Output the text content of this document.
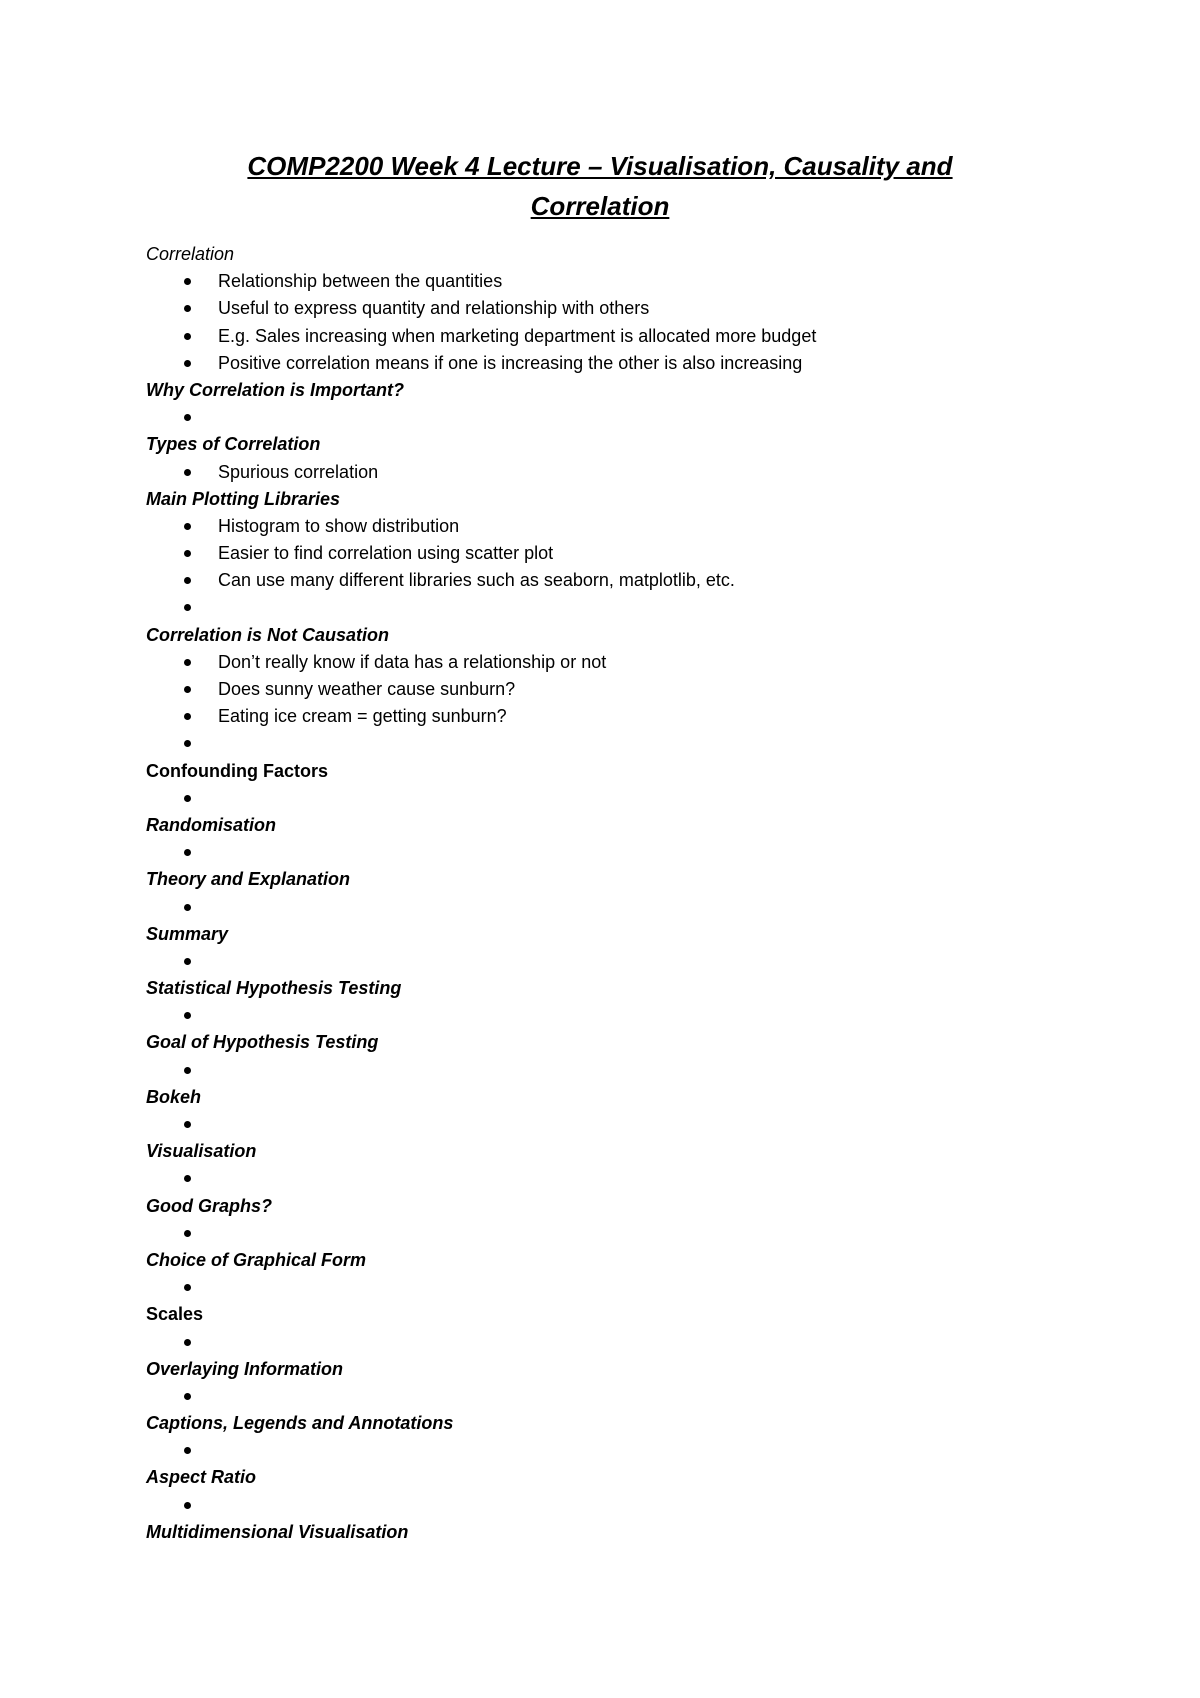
COMP2200 Week 4 Lecture – Visualisation, Causality and
Correlation
Correlation
Relationship between the quantities
Useful to express quantity and relationship with others
E.g. Sales increasing when marketing department is allocated more budget
Positive correlation means if one is increasing the other is also increasing
Why Correlation is Important?
Types of Correlation
Spurious correlation
Main Plotting Libraries
Histogram to show distribution
Easier to find correlation using scatter plot
Can use many different libraries such as seaborn, matplotlib, etc.
Correlation is Not Causation
Don’t really know if data has a relationship or not
Does sunny weather cause sunburn?
Eating ice cream = getting sunburn?
Confounding Factors
Randomisation
Theory and Explanation
Summary
Statistical Hypothesis Testing
Goal of Hypothesis Testing
Bokeh
Visualisation
Good Graphs?
Choice of Graphical Form
Scales
Overlaying Information
Captions, Legends and Annotations
Aspect Ratio
Multidimensional Visualisation
